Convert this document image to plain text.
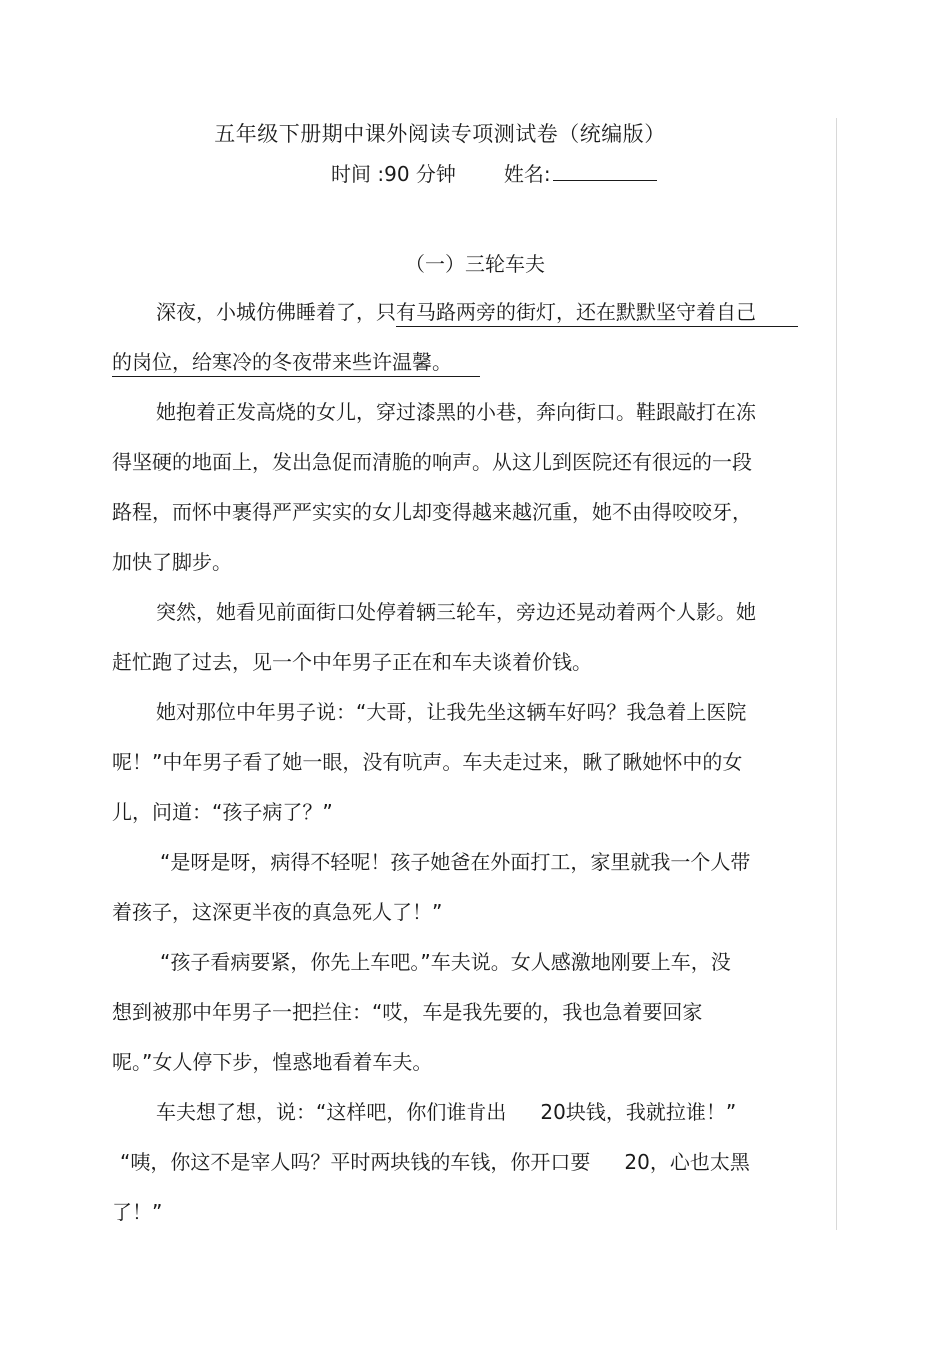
五年级下册期中课外阅读专项测试卷（统编版）
时间 :90 分钟 姓名:
（一）三轮车夫
深夜，小城仿佛睡着了，只有马路两旁的街灯，还在默默坚守着自己
的岗位，给寒冷的冬夜带来些许温馨。
她抱着正发高烧的女儿，穿过漆黑的小巷，奔向街口。鞋跟敲打在冻
得坚硬的地面上，发出急促而清脆的响声。从这儿到医院还有很远的一段
路程，而怀中裹得严严实实的女儿却变得越来越沉重，她不由得咬咬牙，
加快了脚步。
突然，她看见前面街口处停着辆三轮车，旁边还晃动着两个人影。她
赶忙跑了过去，见一个中年男子正在和车夫谈着价钱。
她对那位中年男子说：“大哥，让我先坐这辆车好吗？我急着上医院
呢！”中年男子看了她一眼，没有吭声。车夫走过来，瞅了瞅她怀中的女
儿，问道：“孩子病了？”
“是呀是呀，病得不轻呢！孩子她爸在外面打工，家里就我一个人带
着孩子，这深更半夜的真急死人了！”
“孩子看病要紧，你先上车吧。”车夫说。女人感激地刚要上车，没
想到被那中年男子一把拦住：“哎，车是我先要的，我也急着要回家
呢。”女人停下步，惶惑地看着车夫。
车夫想了想，说：“这样吧，你们谁肯出 20块钱，我就拉谁！”
“咦，你这不是宰人吗？平时两块钱的车钱，你开口要 20，心也太黑
了！”
